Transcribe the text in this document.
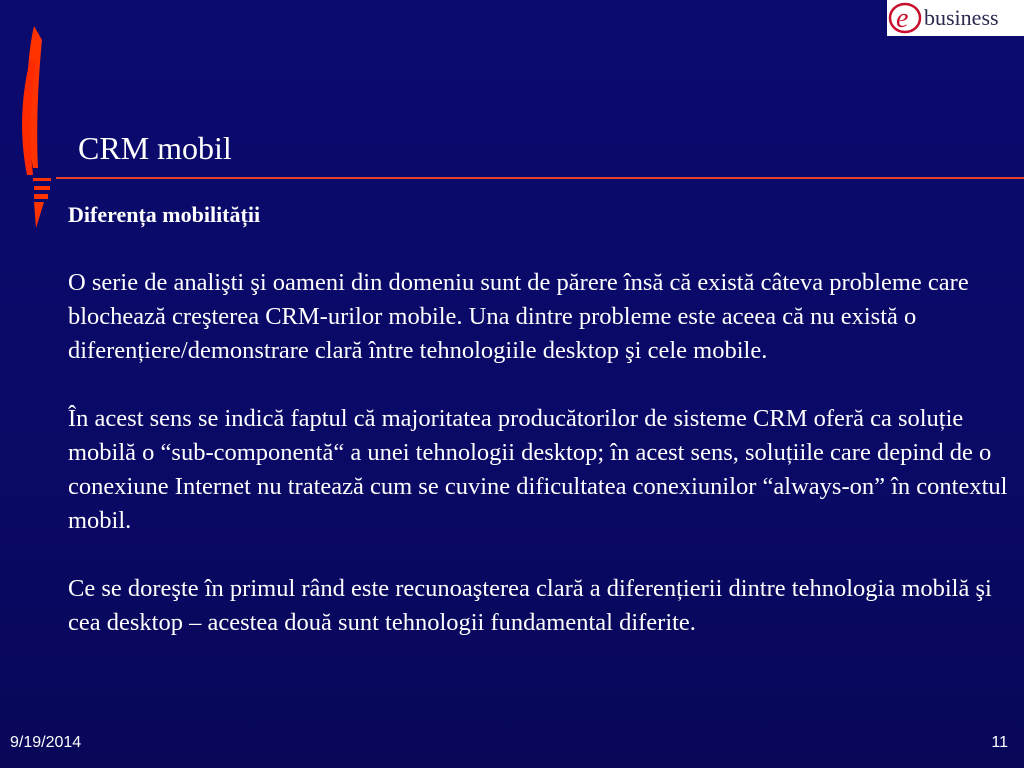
e business
CRM mobil

Diferența mobilității

O serie de analişti şi oameni din domeniu sunt de părere însă că există câteva probleme care blochează creşterea CRM-urilor mobile. Una dintre probleme este aceea că nu există o diferențiere/demonstrare clară între tehnologiile desktop şi cele mobile.

În acest sens se indică faptul că majoritatea producătorilor de sisteme CRM oferă ca soluție mobilă o “sub-componentă“ a unei tehnologii desktop; în acest sens, soluțiile care depind de o conexiune Internet nu tratează cum se cuvine dificultatea conexiunilor “always-on” în contextul mobil.

Ce se doreşte în primul rând este recunoaşterea clară a diferențierii dintre tehnologia mobilă şi cea desktop – acestea două sunt tehnologii fundamental diferite.

9/19/2014	11
